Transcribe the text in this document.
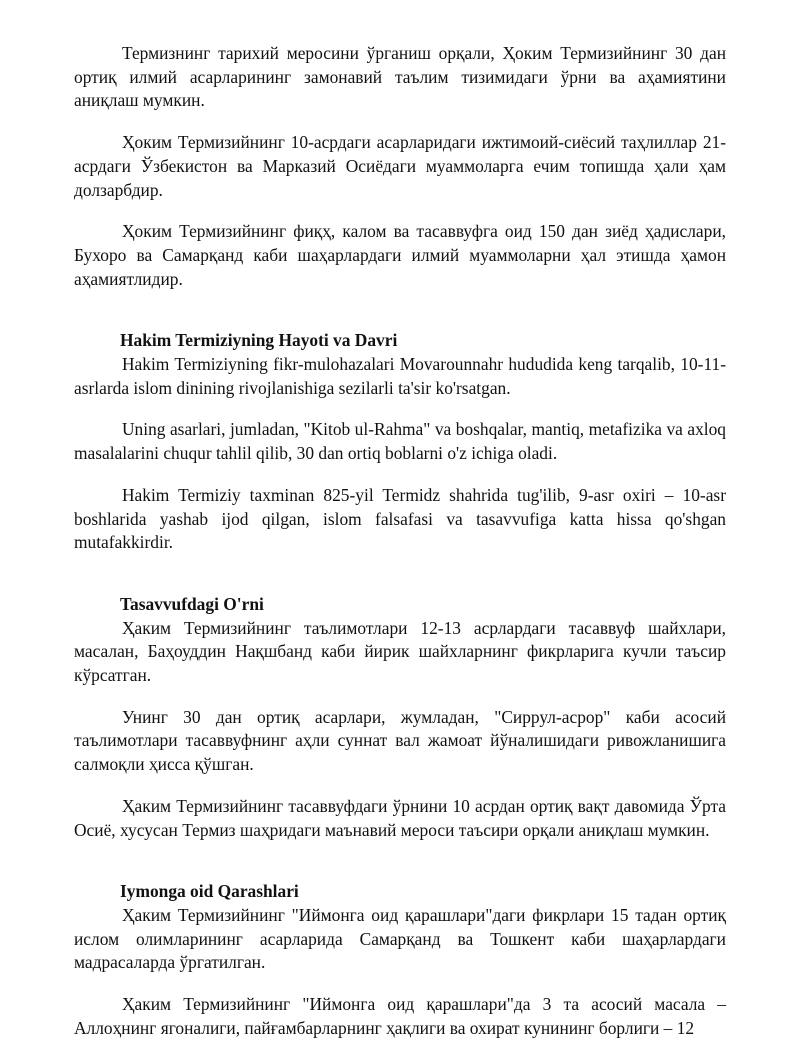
Термизнинг тарихий меросини ўрганиш орқали, Ҳоким Термизийнинг 30 дан ортиқ илмий асарларининг замонавий таълим тизимидаги ўрни ва аҳамиятини аниқлаш мумкин.

Ҳоким Термизийнинг 10-асрдаги асарларидаги ижтимоий-сиёсий таҳлиллар 21-асрдаги Ўзбекистон ва Марказий Осиёдаги муаммоларга ечим топишда ҳали ҳам долзарбдир.

Ҳоким Термизийнинг фиқҳ, калом ва тасаввуфга оид 150 дан зиёд ҳадислари, Бухоро ва Самарқанд каби шаҳарлардаги илмий муаммоларни ҳал этишда ҳамон аҳамиятлидир.

Hakim Termiziyning Hayoti va Davri

Hakim Termiziyning fikr-mulohazalari Movarounnahr hududida keng tarqalib, 10-11-asrlarda islom dinining rivojlanishiga sezilarli ta'sir ko'rsatgan.

Uning asarlari, jumladan, "Kitob ul-Rahma" va boshqalar, mantiq, metafizika va axloq masalalarini chuqur tahlil qilib, 30 dan ortiq boblarni o'z ichiga oladi.

Hakim Termiziy taxminan 825-yil Termidz shahrida tug'ilib, 9-asr oxiri – 10-asr boshlarida yashab ijod qilgan, islom falsafasi va tasavvufiga katta hissa qo'shgan mutafakkirdir.

Tasavvufdagi O'rni

Ҳаким Термизийнинг таълимотлари 12-13 асрлардаги тасаввуф шайхлари, масалан, Баҳоуддин Нақшбанд каби йирик шайхларнинг фикрларига кучли таъсир кўрсатган.

Унинг 30 дан ортиқ асарлари, жумладан, "Сиррул-асрор" каби асосий таълимотлари тасаввуфнинг аҳли суннат вал жамоат йўналишидаги ривожланишига салмоқли ҳисса қўшган.

Ҳаким Термизийнинг тасаввуфдаги ўрнини 10 асрдан ортиқ вақт давомида Ўрта Осиё, хусусан Термиз шаҳридаги маънавий мероси таъсири орқали аниқлаш мумкин.

Iymonga oid Qarashlari

Ҳаким Термизийнинг "Иймонга оид қарашлари"даги фикрлари 15 тадан ортиқ ислом олимларининг асарларида Самарқанд ва Тошкент каби шаҳарлардаги мадрасаларда ўргатилган.

Ҳаким Термизийнинг "Иймонга оид қарашлари"да 3 та асосий масала – Аллоҳнинг ягоналиги, пайғамбарларнинг ҳақлиги ва охират кунининг борлиги – 12
